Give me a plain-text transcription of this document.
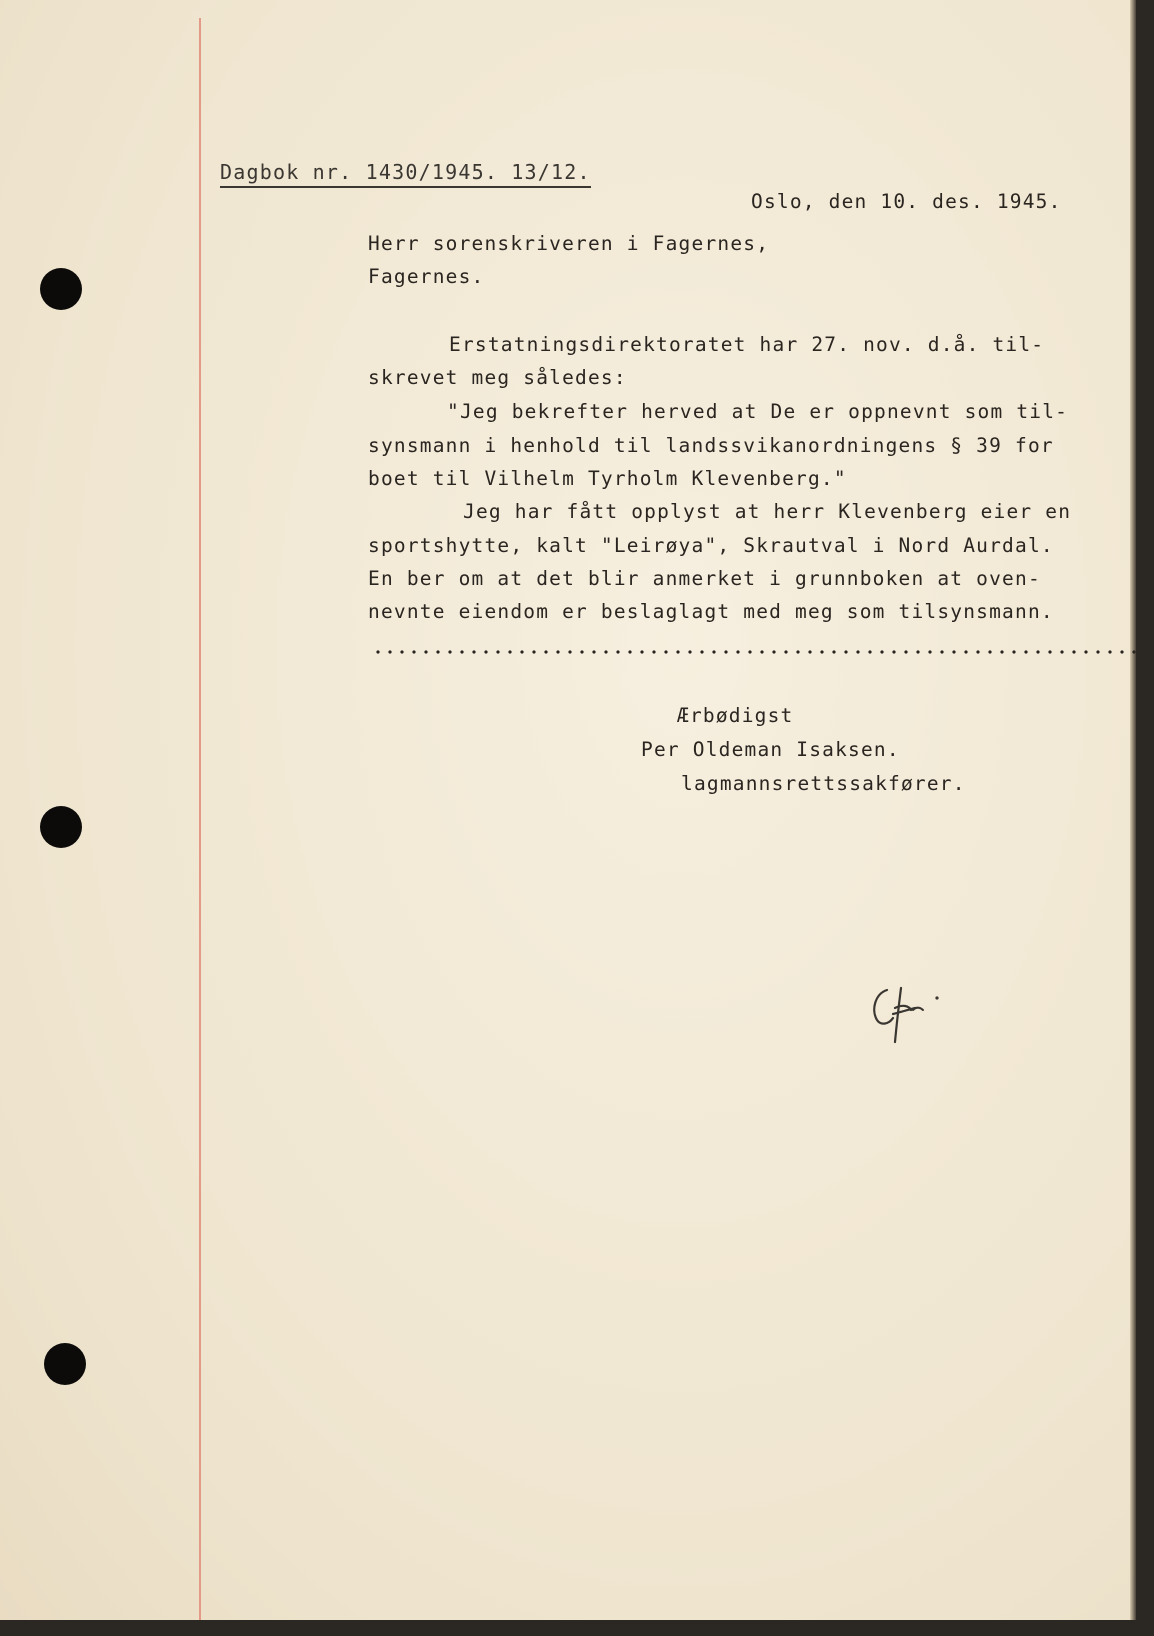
Dagbok nr. 1430/1945. 13/12.
Oslo, den 10. des. 1945.
Herr sorenskriveren i Fagernes,
Fagernes.
Erstatningsdirektoratet har 27. nov. d.å. til-
skrevet meg således:
"Jeg bekrefter herved at De er oppnevnt som til-
synsmann i henhold til landssvikanordningens § 39 for
boet til Vilhelm Tyrholm Klevenberg."
Jeg har fått opplyst at herr Klevenberg eier en
sportshytte, kalt "Leirøya", Skrautval i Nord Aurdal.
En ber om at det blir anmerket i grunnboken at oven-
nevnte eiendom er beslaglagt med meg som tilsynsmann.
Ærbødigst
Per Oldeman Isaksen.
lagmannsrettssakfører.
